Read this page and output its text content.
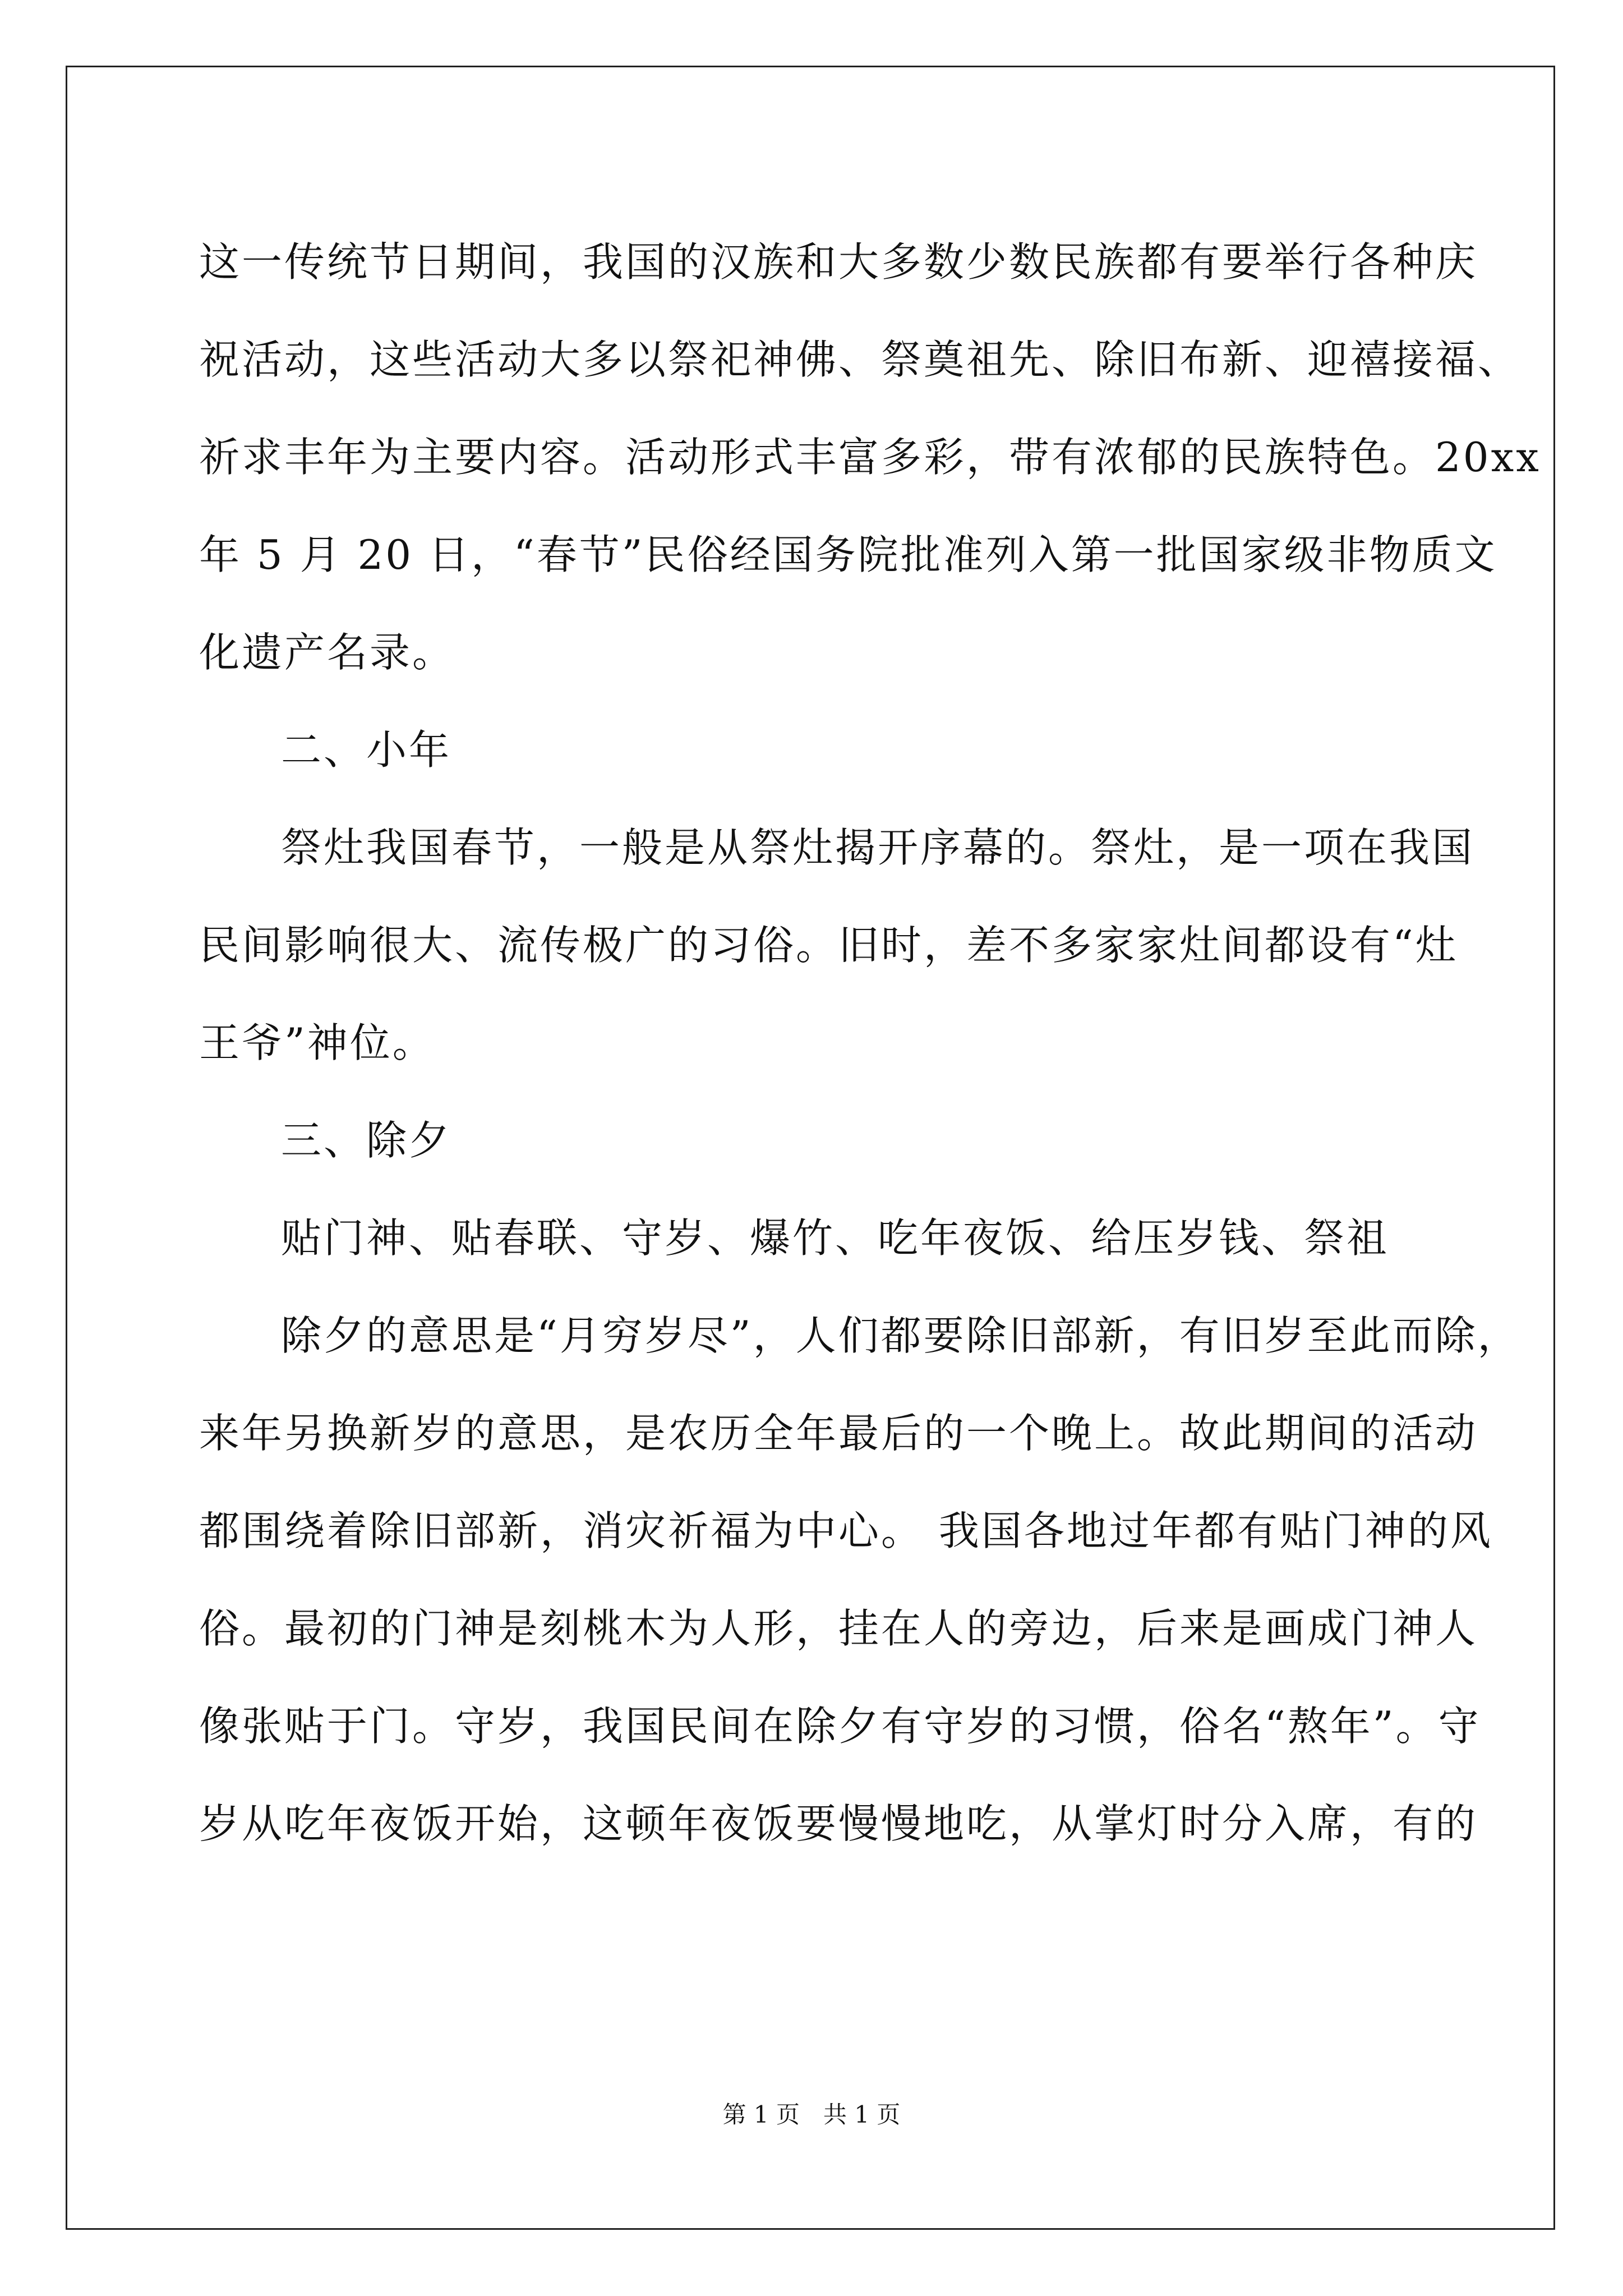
这一传统节日期间，我国的汉族和大多数少数民族都有要举行各种庆
祝活动，这些活动大多以祭祀神佛、祭奠祖先、除旧布新、迎禧接福、
祈求丰年为主要内容。活动形式丰富多彩，带有浓郁的民族特色。20xx
年 5 月 20 日，“春节”民俗经国务院批准列入第一批国家级非物质文
化遗产名录。
二、小年
祭灶我国春节，一般是从祭灶揭开序幕的。祭灶，是一项在我国
民间影响很大、流传极广的习俗。旧时，差不多家家灶间都设有“灶
王爷”神位。
三、除夕
贴门神、贴春联、守岁、爆竹、吃年夜饭、给压岁钱、祭祖
除夕的意思是“月穷岁尽”，人们都要除旧部新，有旧岁至此而除，
来年另换新岁的意思，是农历全年最后的一个晚上。故此期间的活动
都围绕着除旧部新，消灾祈福为中心。 我国各地过年都有贴门神的风
俗。最初的门神是刻桃木为人形，挂在人的旁边，后来是画成门神人
像张贴于门。守岁，我国民间在除夕有守岁的习惯，俗名“熬年”。守
岁从吃年夜饭开始，这顿年夜饭要慢慢地吃，从掌灯时分入席，有的
第 1 页 共 1 页
